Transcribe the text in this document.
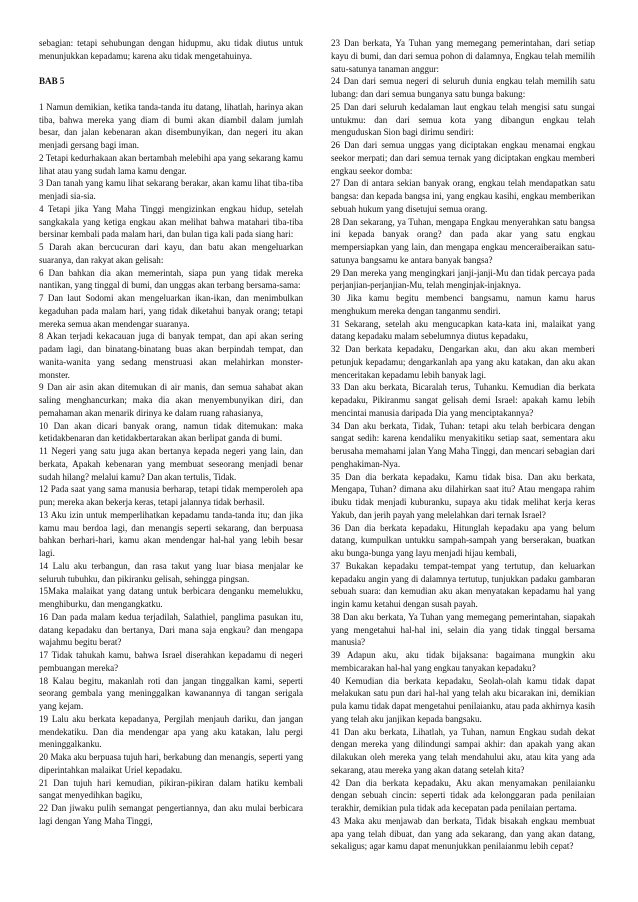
sebagian: tetapi sehubungan dengan hidupmu, aku tidak diutus untuk menunjukkan kepadamu; karena aku tidak mengetahuinya.

BAB 5

1 Namun demikian, ketika tanda-tanda itu datang, lihatlah, harinya akan tiba, bahwa mereka yang diam di bumi akan diambil dalam jumlah besar, dan jalan kebenaran akan disembunyikan, dan negeri itu akan menjadi gersang bagi iman.

2 Tetapi kedurhakaan akan bertambah melebihi apa yang sekarang kamu lihat atau yang sudah lama kamu dengar.

3 Dan tanah yang kamu lihat sekarang berakar, akan kamu lihat tiba-tiba menjadi sia-sia.

4 Tetapi jika Yang Maha Tinggi mengizinkan engkau hidup, setelah sangkakala yang ketiga engkau akan melihat bahwa matahari tiba-tiba bersinar kembali pada malam hari, dan bulan tiga kali pada siang hari:

5 Darah akan bercucuran dari kayu, dan batu akan mengeluarkan suaranya, dan rakyat akan gelisah:

6 Dan bahkan dia akan memerintah, siapa pun yang tidak mereka nantikan, yang tinggal di bumi, dan unggas akan terbang bersama-sama:

7 Dan laut Sodomi akan mengeluarkan ikan-ikan, dan menimbulkan kegaduhan pada malam hari, yang tidak diketahui banyak orang; tetapi mereka semua akan mendengar suaranya.

8 Akan terjadi kekacauan juga di banyak tempat, dan api akan sering padam lagi, dan binatang-binatang buas akan berpindah tempat, dan wanita-wanita yang sedang menstruasi akan melahirkan monster-monster.

9 Dan air asin akan ditemukan di air manis, dan semua sahabat akan saling menghancurkan; maka dia akan menyembunyikan diri, dan pemahaman akan menarik dirinya ke dalam ruang rahasianya,

10 Dan akan dicari banyak orang, namun tidak ditemukan: maka ketidakbenaran dan ketidakbertarakan akan berlipat ganda di bumi.

11 Negeri yang satu juga akan bertanya kepada negeri yang lain, dan berkata, Apakah kebenaran yang membuat seseorang menjadi benar sudah hilang? melalui kamu? Dan akan tertulis, Tidak.

12 Pada saat yang sama manusia berharap, tetapi tidak memperoleh apa pun; mereka akan bekerja keras, tetapi jalannya tidak berhasil.

13 Aku izin untuk memperlihatkan kepadamu tanda-tanda itu; dan jika kamu mau berdoa lagi, dan menangis seperti sekarang, dan berpuasa bahkan berhari-hari, kamu akan mendengar hal-hal yang lebih besar lagi.

14 Lalu aku terbangun, dan rasa takut yang luar biasa menjalar ke seluruh tubuhku, dan pikiranku gelisah, sehingga pingsan.

15Maka malaikat yang datang untuk berbicara denganku memelukku, menghiburku, dan mengangkatku.

16 Dan pada malam kedua terjadilah, Salathiel, panglima pasukan itu, datang kepadaku dan bertanya, Dari mana saja engkau? dan mengapa wajahmu begitu berat?

17 Tidak tahukah kamu, bahwa Israel diserahkan kepadamu di negeri pembuangan mereka?

18 Kalau begitu, makanlah roti dan jangan tinggalkan kami, seperti seorang gembala yang meninggalkan kawanannya di tangan serigala yang kejam.

19 Lalu aku berkata kepadanya, Pergilah menjauh dariku, dan jangan mendekatiku. Dan dia mendengar apa yang aku katakan, lalu pergi meninggalkanku.

20 Maka aku berpuasa tujuh hari, berkabung dan menangis, seperti yang diperintahkan malaikat Uriel kepadaku.

21 Dan tujuh hari kemudian, pikiran-pikiran dalam hatiku kembali sangat menyedihkan bagiku,

22 Dan jiwaku pulih semangat pengertiannya, dan aku mulai berbicara lagi dengan Yang Maha Tinggi,

23 Dan berkata, Ya Tuhan yang memegang pemerintahan, dari setiap kayu di bumi, dan dari semua pohon di dalamnya, Engkau telah memilih satu-satunya tanaman anggur:

24 Dan dari semua negeri di seluruh dunia engkau telah memilih satu lubang: dan dari semua bunganya satu bunga bakung:

25 Dan dari seluruh kedalaman laut engkau telah mengisi satu sungai untukmu: dan dari semua kota yang dibangun engkau telah menguduskan Sion bagi dirimu sendiri:

26 Dan dari semua unggas yang diciptakan engkau menamai engkau seekor merpati; dan dari semua ternak yang diciptakan engkau memberi engkau seekor domba:

27 Dan di antara sekian banyak orang, engkau telah mendapatkan satu bangsa: dan kepada bangsa ini, yang engkau kasihi, engkau memberikan sebuah hukum yang disetujui semua orang.

28 Dan sekarang, ya Tuhan, mengapa Engkau menyerahkan satu bangsa ini kepada banyak orang? dan pada akar yang satu engkau mempersiapkan yang lain, dan mengapa engkau menceraiberaikan satu-satunya bangsamu ke antara banyak bangsa?

29 Dan mereka yang mengingkari janji-janji-Mu dan tidak percaya pada perjanjian-perjanjian-Mu, telah menginjak-injaknya.

30 Jika kamu begitu membenci bangsamu, namun kamu harus menghukum mereka dengan tanganmu sendiri.

31 Sekarang, setelah aku mengucapkan kata-kata ini, malaikat yang datang kepadaku malam sebelumnya diutus kepadaku,

32 Dan berkata kepadaku, Dengarkan aku, dan aku akan memberi petunjuk kepadamu; dengarkanlah apa yang aku katakan, dan aku akan menceritakan kepadamu lebih banyak lagi.

33 Dan aku berkata, Bicaralah terus, Tuhanku. Kemudian dia berkata kepadaku, Pikiranmu sangat gelisah demi Israel: apakah kamu lebih mencintai manusia daripada Dia yang menciptakannya?

34 Dan aku berkata, Tidak, Tuhan: tetapi aku telah berbicara dengan sangat sedih: karena kendaliku menyakitiku setiap saat, sementara aku berusaha memahami jalan Yang Maha Tinggi, dan mencari sebagian dari penghakiman-Nya.

35 Dan dia berkata kepadaku, Kamu tidak bisa. Dan aku berkata, Mengapa, Tuhan? dimana aku dilahirkan saat itu? Atau mengapa rahim ibuku tidak menjadi kuburanku, supaya aku tidak melihat kerja keras Yakub, dan jerih payah yang melelahkan dari ternak Israel?

36 Dan dia berkata kepadaku, Hitunglah kepadaku apa yang belum datang, kumpulkan untukku sampah-sampah yang berserakan, buatkan aku bunga-bunga yang layu menjadi hijau kembali,

37 Bukakan kepadaku tempat-tempat yang tertutup, dan keluarkan kepadaku angin yang di dalamnya tertutup, tunjukkan padaku gambaran sebuah suara: dan kemudian aku akan menyatakan kepadamu hal yang ingin kamu ketahui dengan susah payah.

38 Dan aku berkata, Ya Tuhan yang memegang pemerintahan, siapakah yang mengetahui hal-hal ini, selain dia yang tidak tinggal bersama manusia?

39 Adapun aku, aku tidak bijaksana: bagaimana mungkin aku membicarakan hal-hal yang engkau tanyakan kepadaku?

40 Kemudian dia berkata kepadaku, Seolah-olah kamu tidak dapat melakukan satu pun dari hal-hal yang telah aku bicarakan ini, demikian pula kamu tidak dapat mengetahui penilaianku, atau pada akhirnya kasih yang telah aku janjikan kepada bangsaku.

41 Dan aku berkata, Lihatlah, ya Tuhan, namun Engkau sudah dekat dengan mereka yang dilindungi sampai akhir: dan apakah yang akan dilakukan oleh mereka yang telah mendahului aku, atau kita yang ada sekarang, atau mereka yang akan datang setelah kita?

42 Dan dia berkata kepadaku, Aku akan menyamakan penilaianku dengan sebuah cincin: seperti tidak ada kelonggaran pada penilaian terakhir, demikian pula tidak ada kecepatan pada penilaian pertama.

43 Maka aku menjawab dan berkata, Tidak bisakah engkau membuat apa yang telah dibuat, dan yang ada sekarang, dan yang akan datang, sekaligus; agar kamu dapat menunjukkan penilaianmu lebih cepat?
